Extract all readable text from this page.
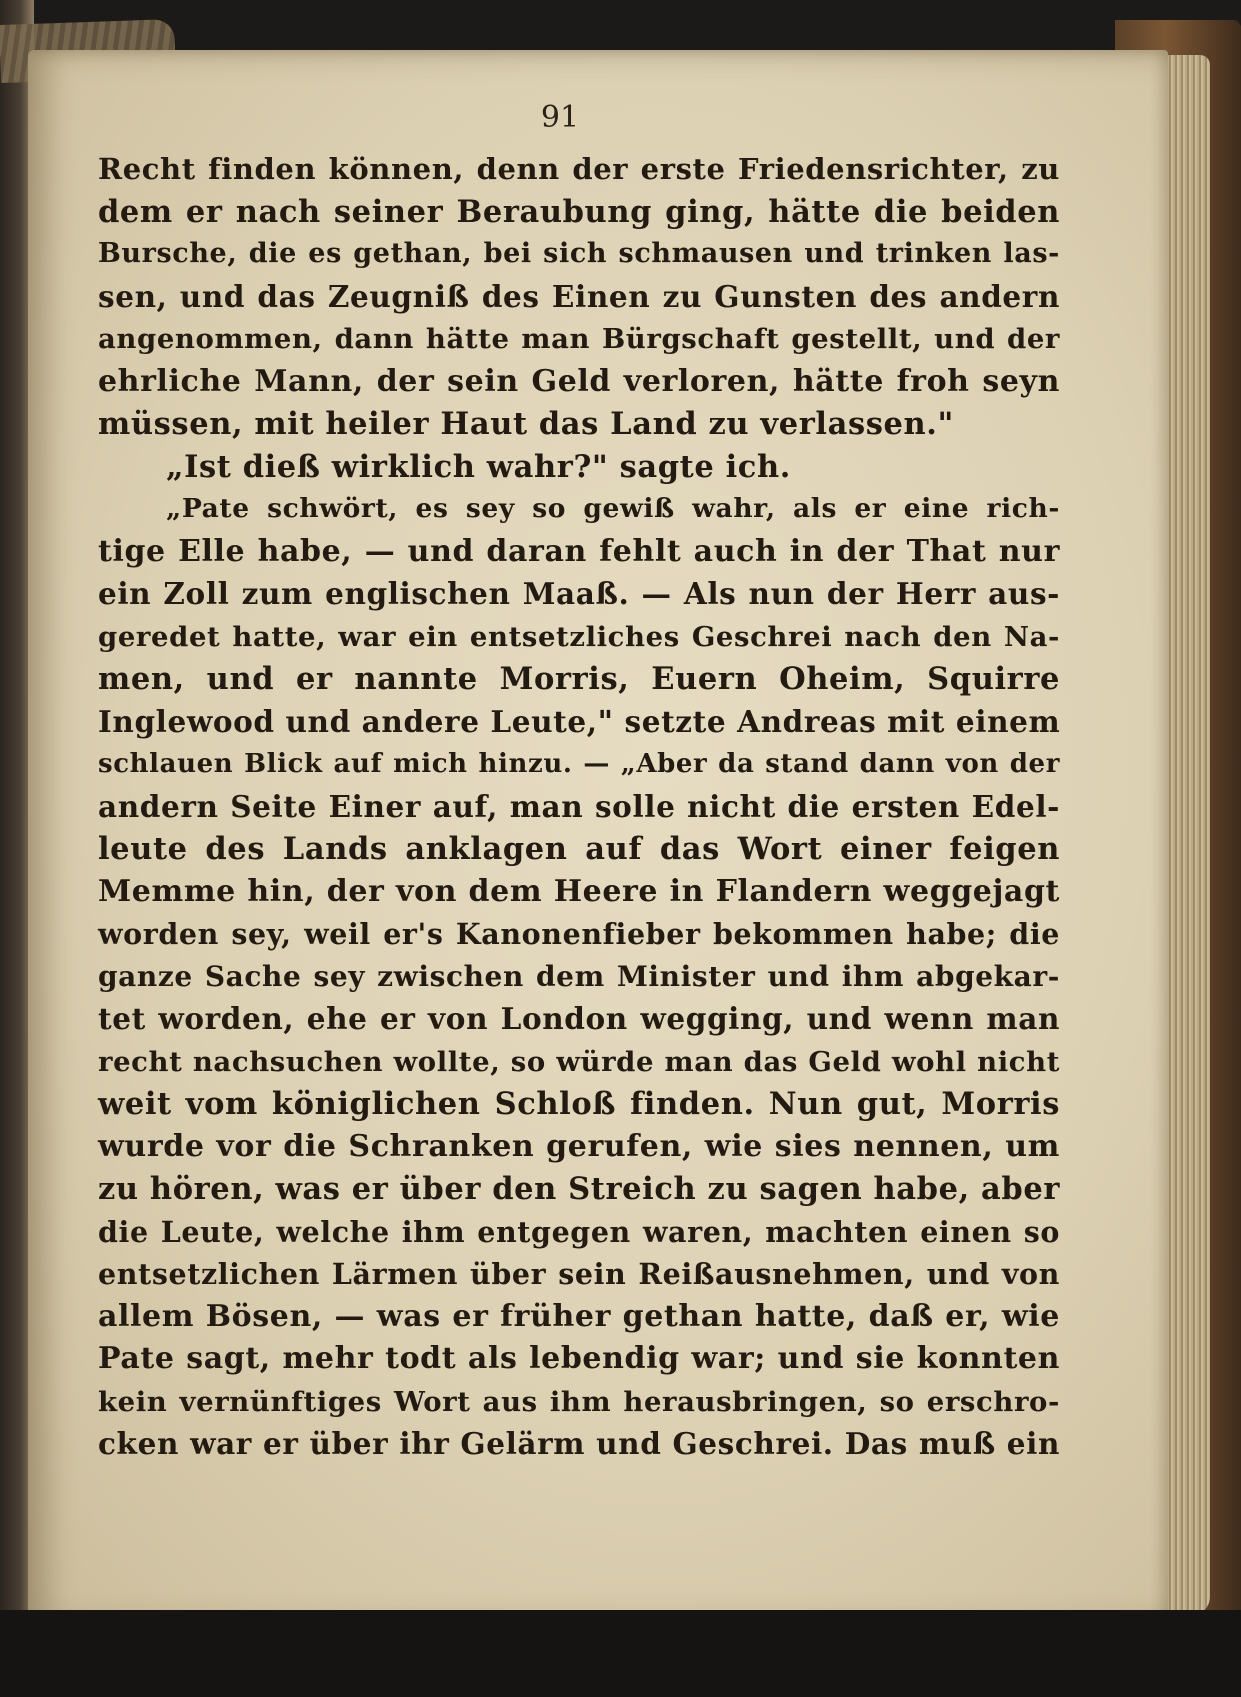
91
Recht finden können, denn der erste Friedensrichter, zu
dem er nach seiner Beraubung ging, hätte die beiden
Bursche, die es gethan, bei sich schmausen und trinken las-
sen, und das Zeugniß des Einen zu Gunsten des andern
angenommen, dann hätte man Bürgschaft gestellt, und der
ehrliche Mann, der sein Geld verloren, hätte froh seyn
müssen, mit heiler Haut das Land zu verlassen."
„Ist dieß wirklich wahr?" sagte ich.
„Pate schwört, es sey so gewiß wahr, als er eine rich-
tige Elle habe, — und daran fehlt auch in der That nur
ein Zoll zum englischen Maaß. — Als nun der Herr aus-
geredet hatte, war ein entsetzliches Geschrei nach den Na-
men, und er nannte Morris, Euern Oheim, Squirre
Inglewood und andere Leute," setzte Andreas mit einem
schlauen Blick auf mich hinzu. — „Aber da stand dann von der
andern Seite Einer auf, man solle nicht die ersten Edel-
leute des Lands anklagen auf das Wort einer feigen
Memme hin, der von dem Heere in Flandern weggejagt
worden sey, weil er's Kanonenfieber bekommen habe; die
ganze Sache sey zwischen dem Minister und ihm abgekar-
tet worden, ehe er von London wegging, und wenn man
recht nachsuchen wollte, so würde man das Geld wohl nicht
weit vom königlichen Schloß finden. Nun gut, Morris
wurde vor die Schranken gerufen, wie sies nennen, um
zu hören, was er über den Streich zu sagen habe, aber
die Leute, welche ihm entgegen waren, machten einen so
entsetzlichen Lärmen über sein Reißausnehmen, und von
allem Bösen, — was er früher gethan hatte, daß er, wie
Pate sagt, mehr todt als lebendig war; und sie konnten
kein vernünftiges Wort aus ihm herausbringen, so erschro-
cken war er über ihr Gelärm und Geschrei. Das muß ein
